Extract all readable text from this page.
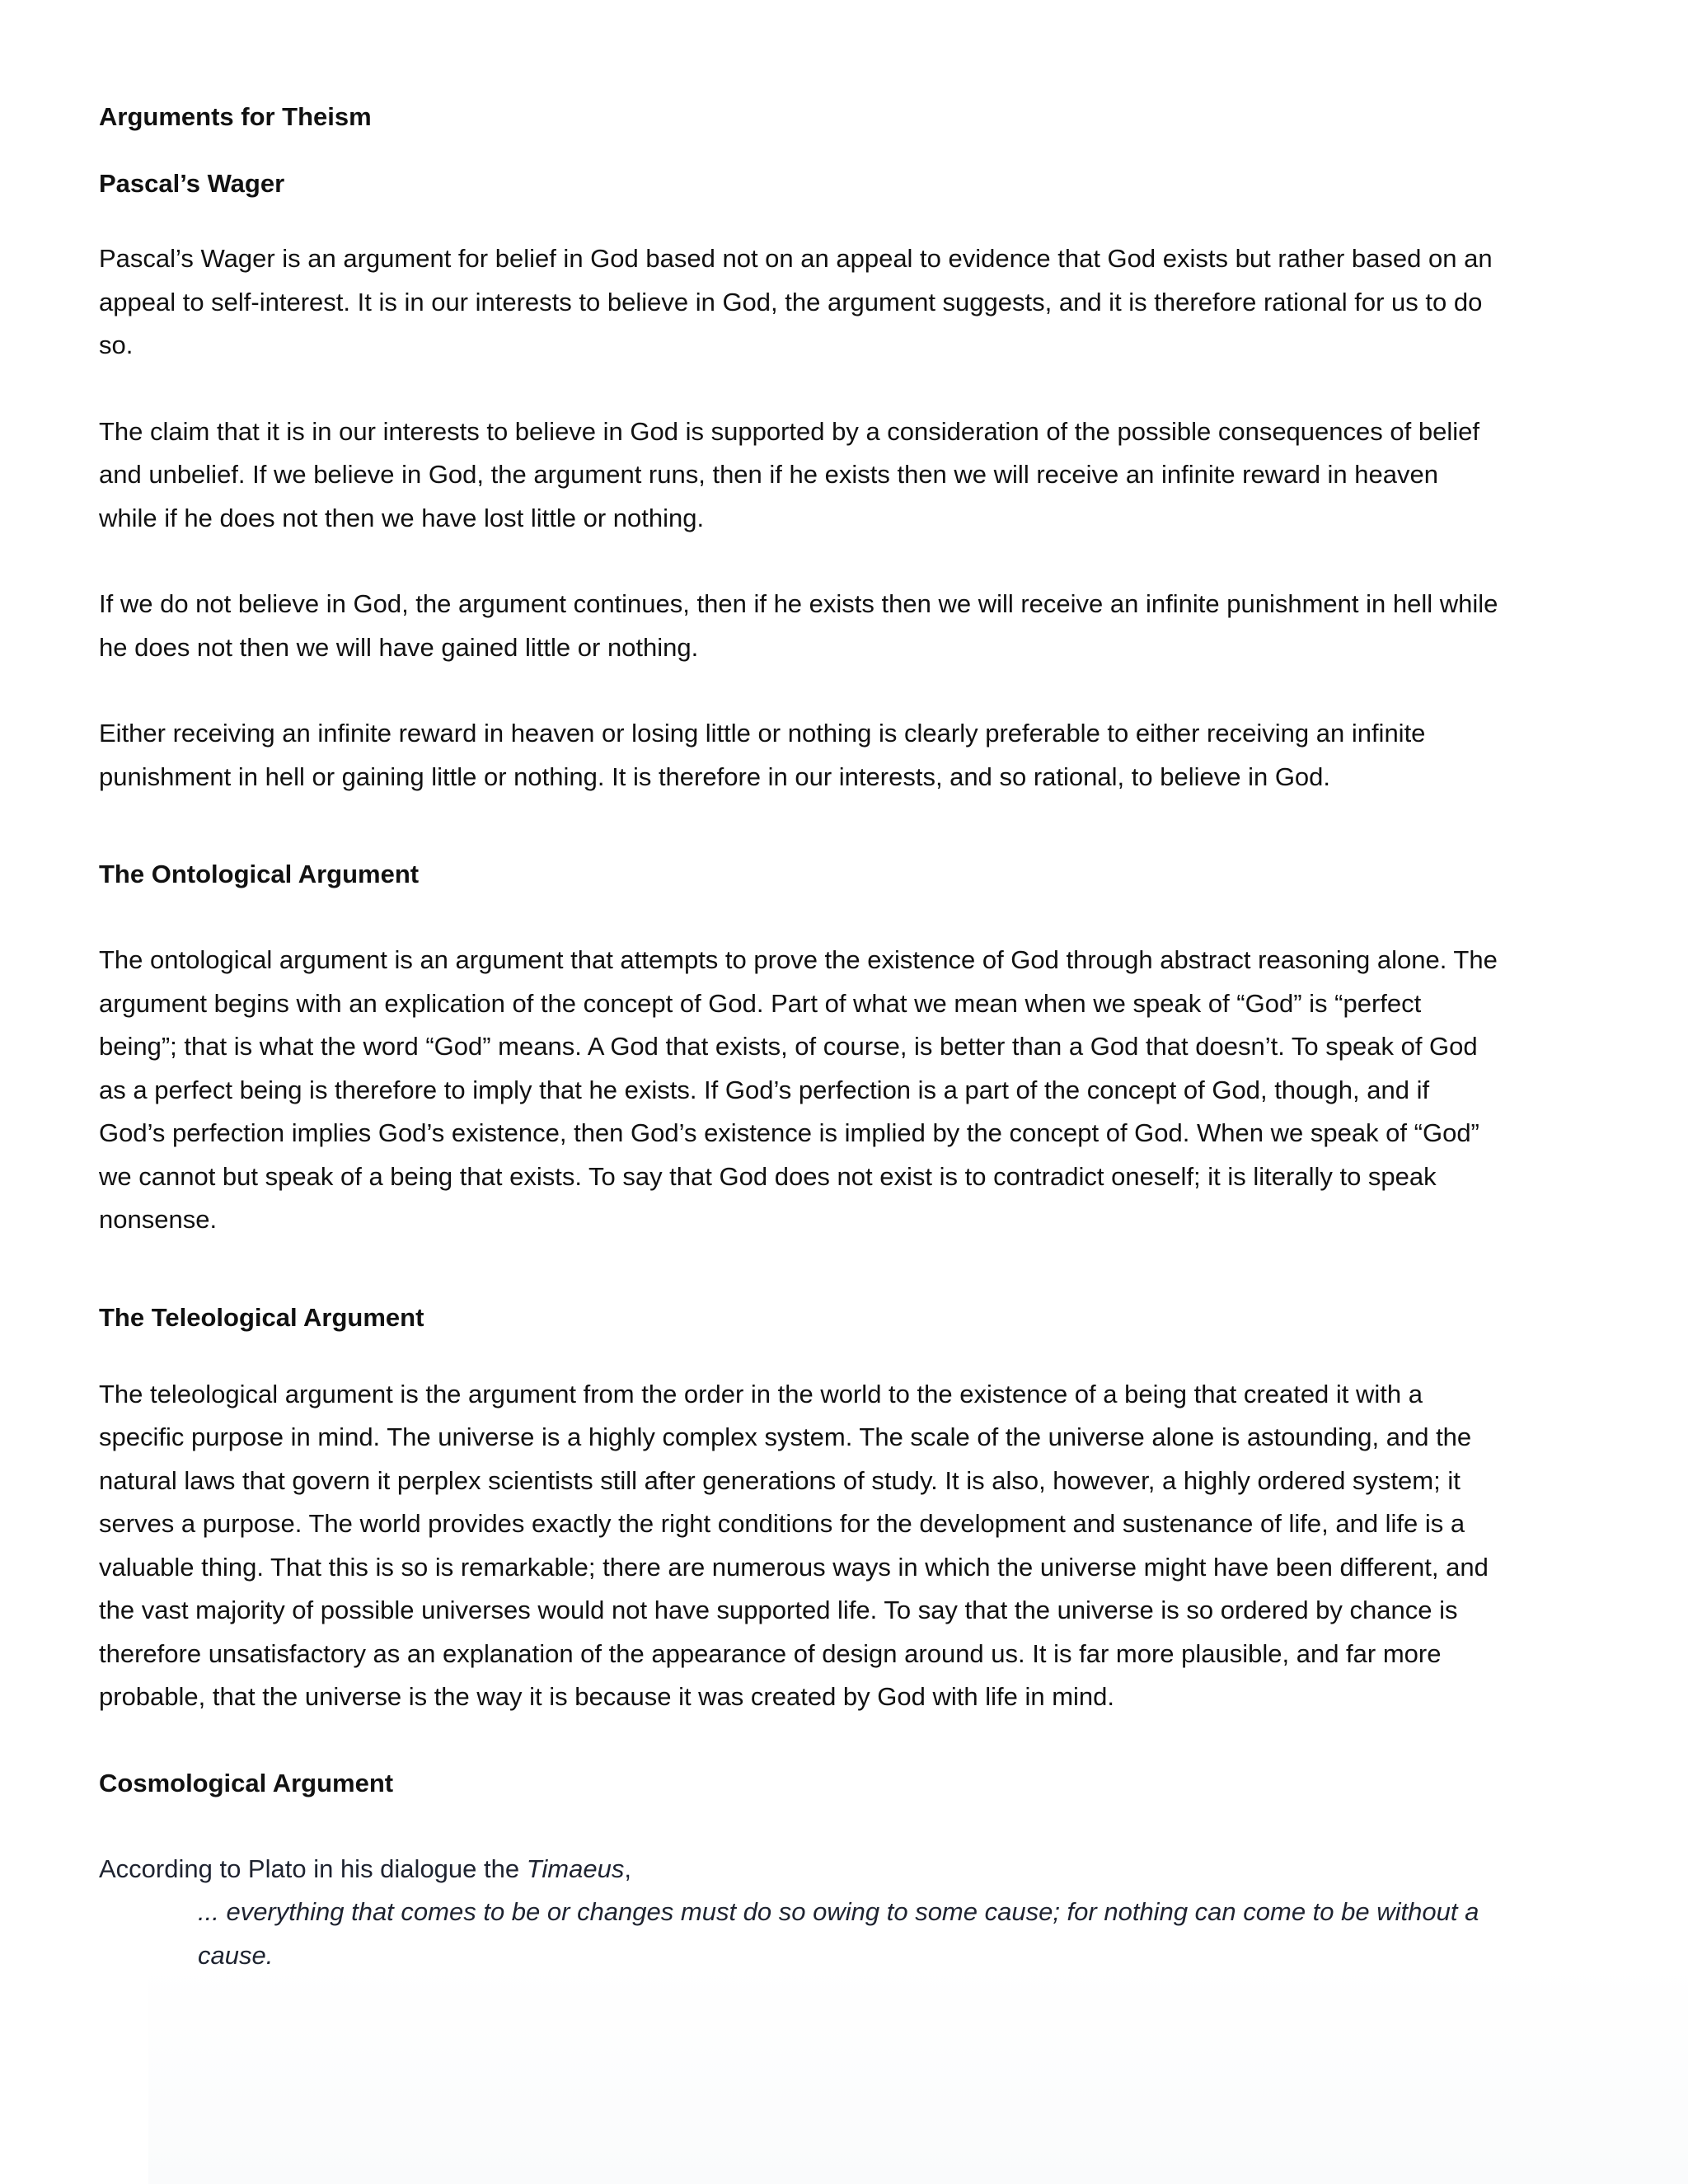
Arguments for Theism
Pascal’s Wager

Pascal’s Wager is an argument for belief in God based not on an appeal to evidence that God exists but rather based on an appeal to self-interest. It is in our interests to believe in God, the argument suggests, and it is therefore rational for us to do so.

The claim that it is in our interests to believe in God is supported by a consideration of the possible consequences of belief and unbelief. If we believe in God, the argument runs, then if he exists then we will receive an infinite reward in heaven while if he does not then we have lost little or nothing.

If we do not believe in God, the argument continues, then if he exists then we will receive an infinite punishment in hell while he does not then we will have gained little or nothing.

Either receiving an infinite reward in heaven or losing little or nothing is clearly preferable to either receiving an infinite punishment in hell or gaining little or nothing. It is therefore in our interests, and so rational, to believe in God.

The Ontological Argument

The ontological argument is an argument that attempts to prove the existence of God through abstract reasoning alone. The argument begins with an explication of the concept of God. Part of what we mean when we speak of “God” is “perfect being”; that is what the word “God” means. A God that exists, of course, is better than a God that doesn’t. To speak of God as a perfect being is therefore to imply that he exists. If God’s perfection is a part of the concept of God, though, and if God’s perfection implies God’s existence, then God’s existence is implied by the concept of God. When we speak of “God” we cannot but speak of a being that exists. To say that God does not exist is to contradict oneself; it is literally to speak nonsense.

The Teleological Argument

The teleological argument is the argument from the order in the world to the existence of a being that created it with a specific purpose in mind. The universe is a highly complex system. The scale of the universe alone is astounding, and the natural laws that govern it perplex scientists still after generations of study. It is also, however, a highly ordered system; it serves a purpose. The world provides exactly the right conditions for the development and sustenance of life, and life is a valuable thing. That this is so is remarkable; there are numerous ways in which the universe might have been different, and the vast majority of possible universes would not have supported life. To say that the universe is so ordered by chance is therefore unsatisfactory as an explanation of the appearance of design around us. It is far more plausible, and far more probable, that the universe is the way it is because it was created by God with life in mind.

Cosmological Argument

According to Plato in his dialogue the Timaeus,

... everything that comes to be or changes must do so owing to some cause; for nothing can come to be without a cause.
